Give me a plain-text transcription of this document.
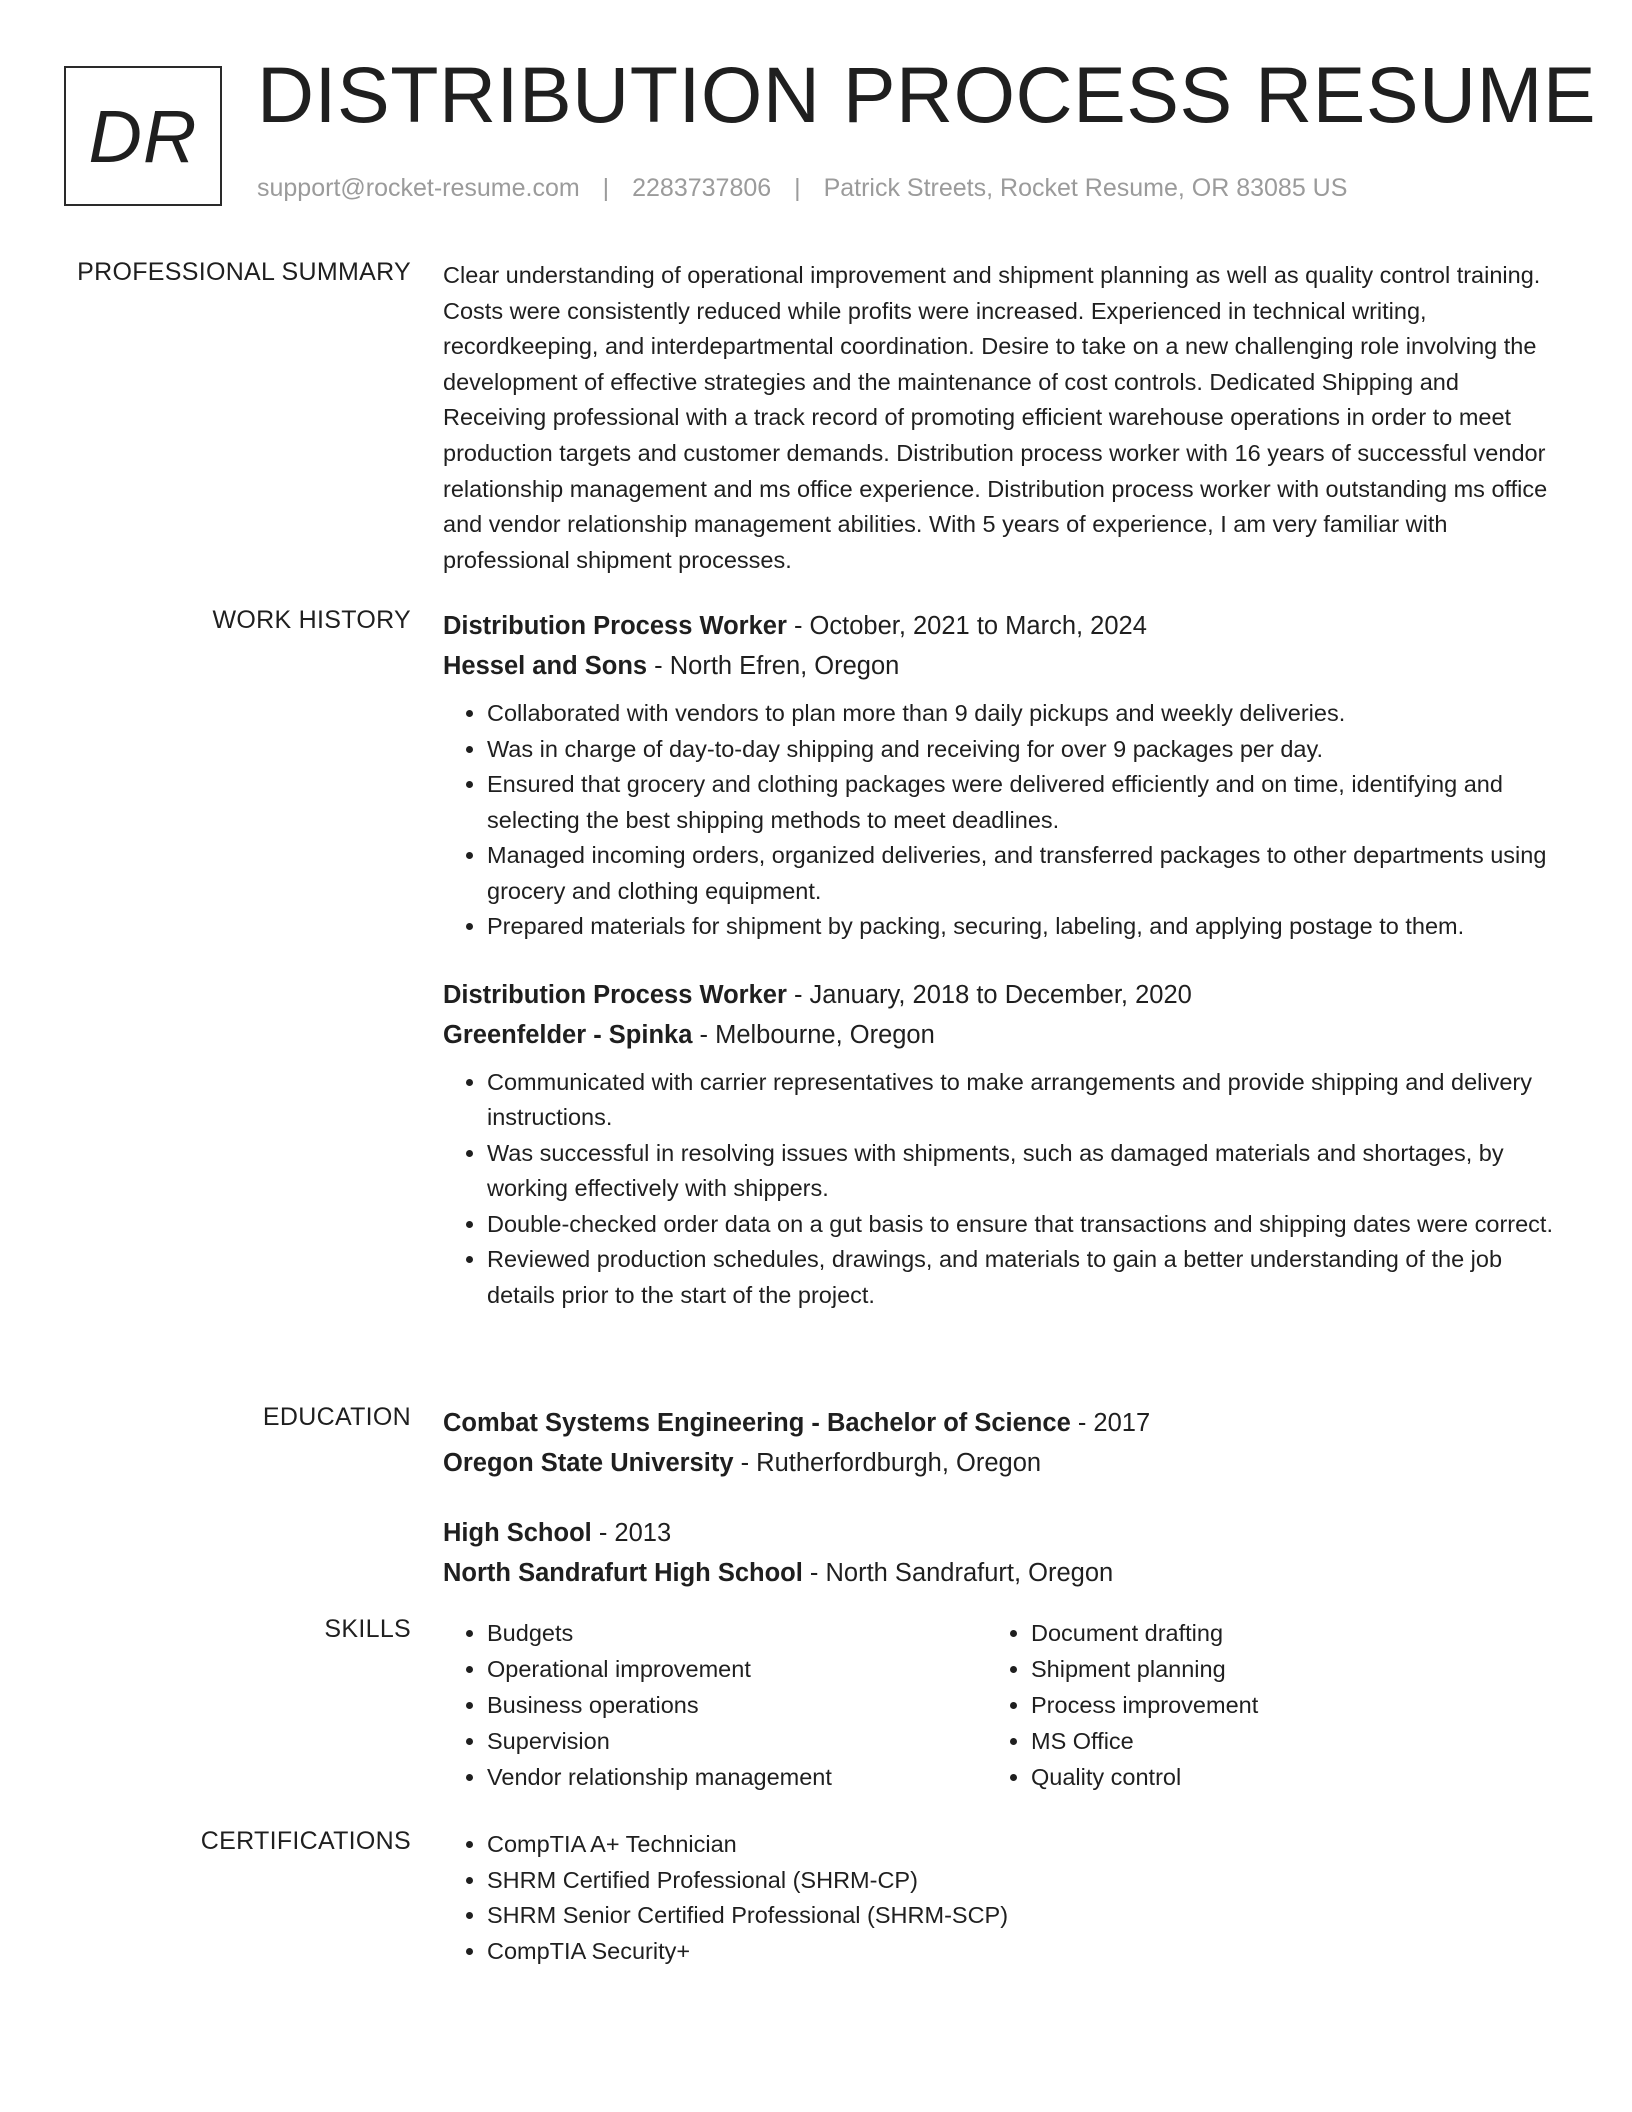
DR DISTRIBUTION PROCESS RESUME
support@rocket-resume.com | 2283737806 | Patrick Streets, Rocket Resume, OR 83085 US
PROFESSIONAL SUMMARY Clear understanding of operational improvement and shipment planning as well as quality control training. Costs were consistently reduced while profits were increased. Experienced in technical writing, recordkeeping, and interdepartmental coordination. Desire to take on a new challenging role involving the development of effective strategies and the maintenance of cost controls. Dedicated Shipping and Receiving professional with a track record of promoting efficient warehouse operations in order to meet production targets and customer demands. Distribution process worker with 16 years of successful vendor relationship management and ms office experience. Distribution process worker with outstanding ms office and vendor relationship management abilities. With 5 years of experience, I am very familiar with professional shipment processes.

WORK HISTORY Distribution Process Worker - October, 2021 to March, 2024
Hessel and Sons - North Efren, Oregon
• Collaborated with vendors to plan more than 9 daily pickups and weekly deliveries.
• Was in charge of day-to-day shipping and receiving for over 9 packages per day.
• Ensured that grocery and clothing packages were delivered efficiently and on time, identifying and selecting the best shipping methods to meet deadlines.
• Managed incoming orders, organized deliveries, and transferred packages to other departments using grocery and clothing equipment.
• Prepared materials for shipment by packing, securing, labeling, and applying postage to them.
Distribution Process Worker - January, 2018 to December, 2020
Greenfelder - Spinka - Melbourne, Oregon
• Communicated with carrier representatives to make arrangements and provide shipping and delivery instructions.
• Was successful in resolving issues with shipments, such as damaged materials and shortages, by working effectively with shippers.
• Double-checked order data on a gut basis to ensure that transactions and shipping dates were correct.
• Reviewed production schedules, drawings, and materials to gain a better understanding of the job details prior to the start of the project.
EDUCATION Combat Systems Engineering - Bachelor of Science - 2017
Oregon State University - Rutherfordburgh, Oregon
High School - 2013
North Sandrafurt High School - North Sandrafurt, Oregon
SKILLS	• Budgets
• Operational improvement
• Business operations
• Supervision
• Vendor relationship management
• Document drafting
• Shipment planning
• Process improvement
• MS Office
• Quality control
CERTIFICATIONS	• CompTIA A+ Technician
• SHRM Certified Professional (SHRM-CP)
• SHRM Senior Certified Professional (SHRM-SCP)
• CompTIA Security+
